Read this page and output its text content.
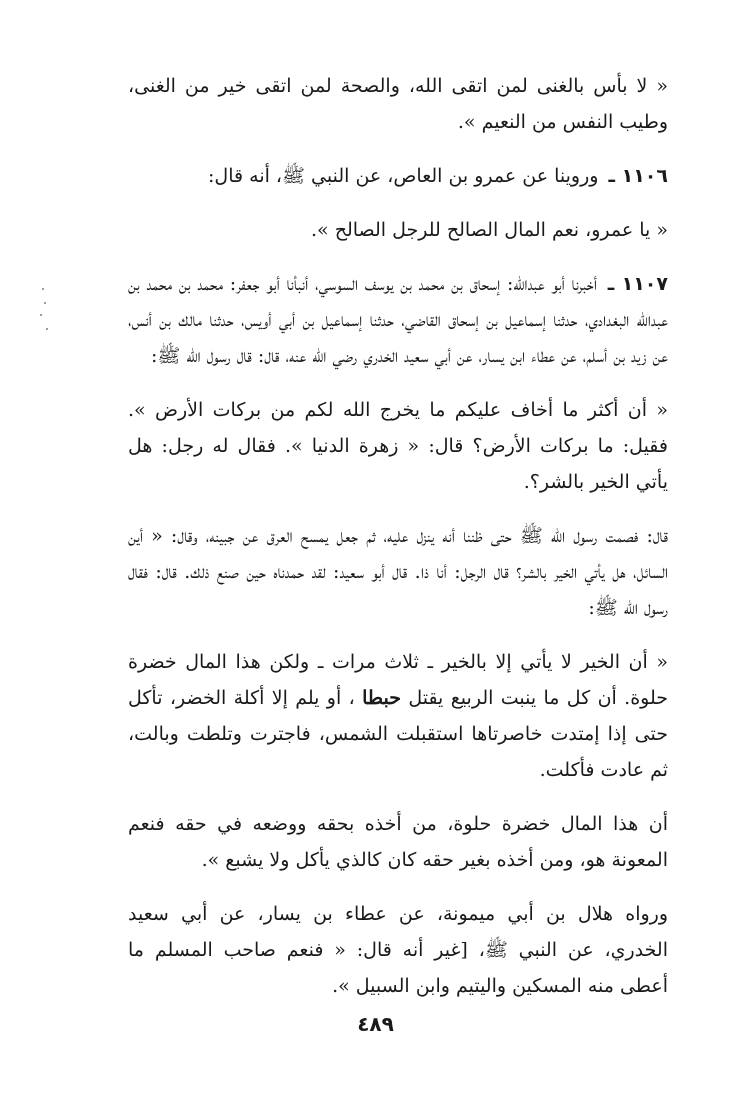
« لا بأس بالغنى لمن اتقى الله، والصحة لمن اتقى خير من الغنى، وطيب النفس من النعيم ».

١١٠٦ ـ وروينا عن عمرو بن العاص، عن النبي ﷺ، أنه قال:

« يا عمرو، نعم المال الصالح للرجل الصالح ».

١١٠٧ ـ أخبرنا أبو عبدالله: إسحاق بن محمد بن يوسف السوسي، أنبأنا أبو جعفر: محمد بن محمد بن عبدالله البغدادي، حدثنا إسماعيل بن إسحاق القاضي، حدثنا إسماعيل بن أبي أويس، حدثنا مالك بن أنس، عن زيد بن أسلم، عن عطاء ابن يسار، عن أبي سعيد الخدري رضي الله عنه، قال: قال رسول الله ﷺ:

« أن أكثر ما أخاف عليكم ما يخرج الله لكم من بركات الأرض ». فقيل: ما بركات الأرض؟ قال: « زهرة الدنيا ». فقال له رجل: هل يأتي الخير بالشر؟.

قال: فصمت رسول الله ﷺ حتى ظننا أنه ينزل عليه، ثم جعل يمسح العرق عن جبينه، وقال: « أين السائل، هل يأتي الخير بالشر؟ قال الرجل: أنا ذا. قال أبو سعيد: لقد حمدناه حين صنع ذلك. قال: فقال رسول الله ﷺ:

« أن الخير لا يأتي إلا بالخير ـ ثلاث مرات ـ ولكن هذا المال خضرة حلوة. أن كل ما ينبت الربيع يقتل حبطا ، أو يلم إلا أكلة الخضر، تأكل حتى إذا إمتدت خاصرتاها استقبلت الشمس، فاجترت وتلطت وبالت، ثم عادت فأكلت.

أن هذا المال خضرة حلوة، من أخذه بحقه ووضعه في حقه فنعم المعونة هو، ومن أخذه بغير حقه كان كالذي يأكل ولا يشبع ».

ورواه هلال بن أبي ميمونة، عن عطاء بن يسار، عن أبي سعيد الخدري، عن النبي ﷺ، [غير أنه قال: « فنعم صاحب المسلم ما أعطى منه المسكين واليتيم وابن السبيل ».

٤٨٩
